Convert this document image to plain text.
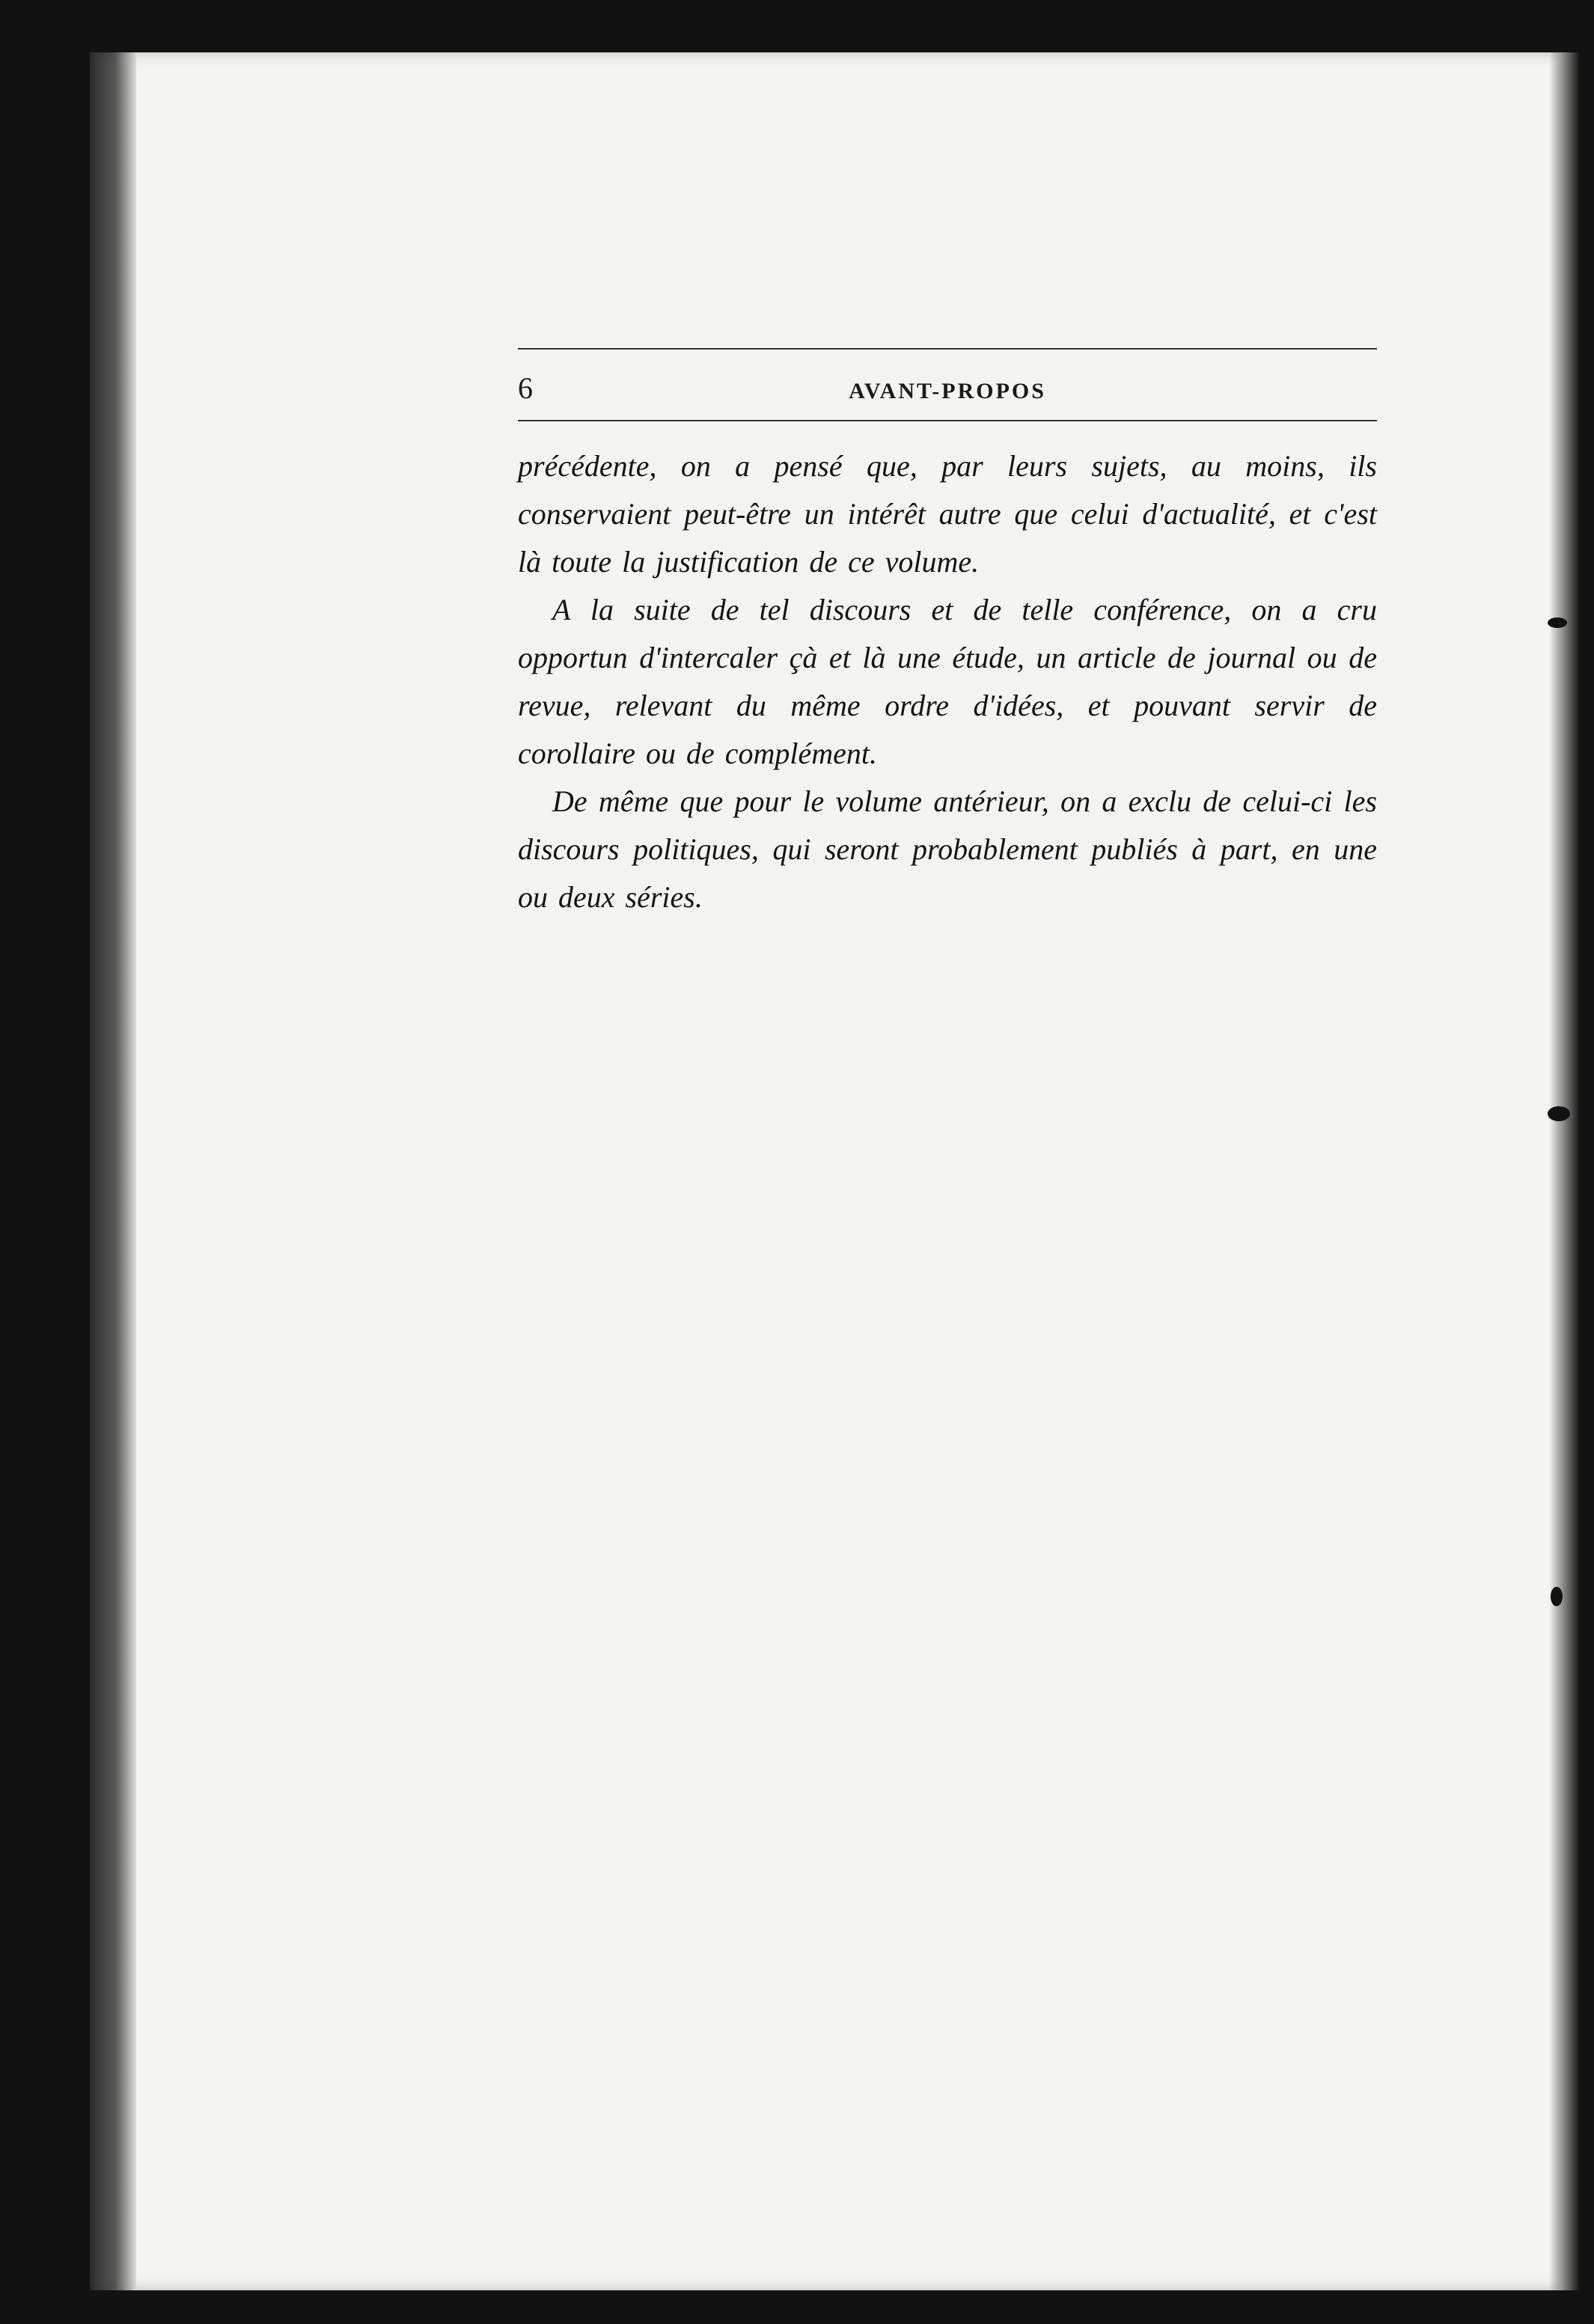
6	AVANT-PROPOS

précédente, on a pensé que, par leurs sujets, au moins, ils conservaient peut-être un intérêt autre que celui d'actualité, et c'est là toute la justification de ce volume.

A la suite de tel discours et de telle conférence, on a cru opportun d'intercaler çà et là une étude, un article de journal ou de revue, relevant du même ordre d'idées, et pouvant servir de corollaire ou de complément.

De même que pour le volume antérieur, on a exclu de celui-ci les discours politiques, qui seront probablement publiés à part, en une ou deux séries.
